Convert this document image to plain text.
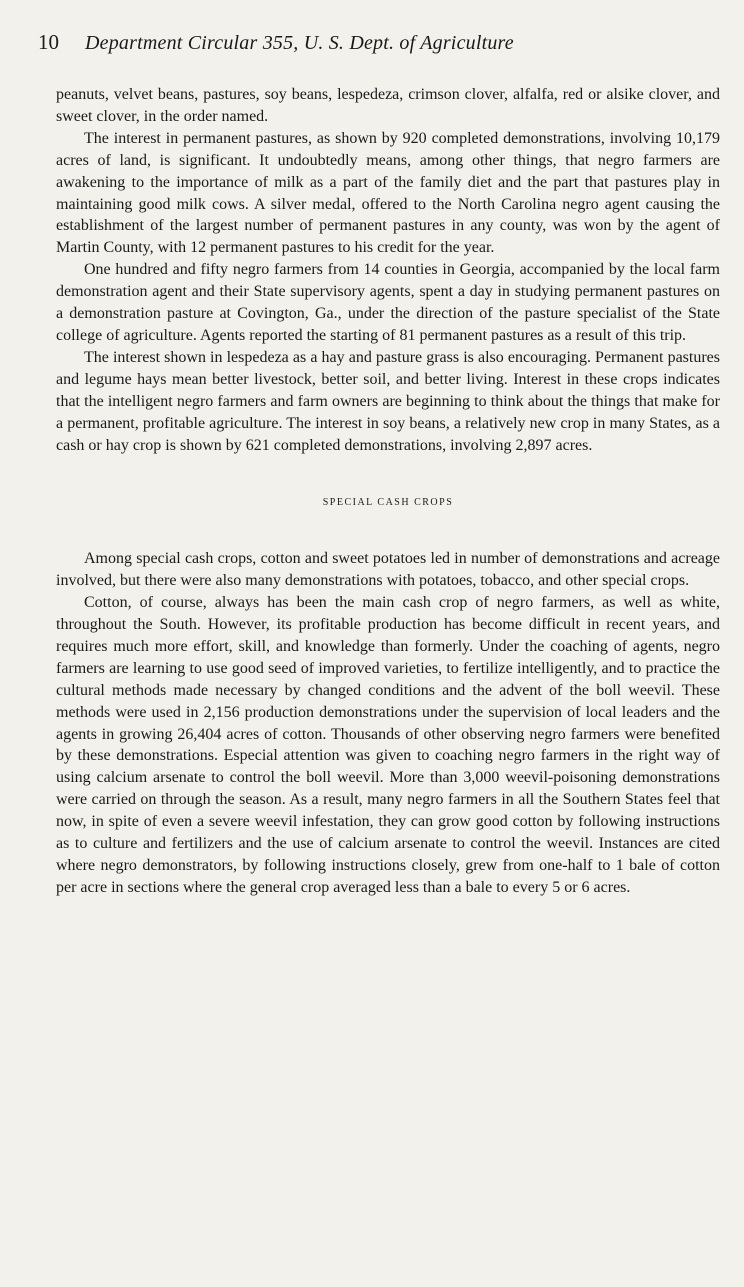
10 Department Circular 355, U. S. Dept. of Agriculture

peanuts, velvet beans, pastures, soy beans, lespedeza, crimson clover, alfalfa, red or alsike clover, and sweet clover, in the order named.

The interest in permanent pastures, as shown by 920 completed demonstrations, involving 10,179 acres of land, is significant. It undoubtedly means, among other things, that negro farmers are awakening to the importance of milk as a part of the family diet and the part that pastures play in maintaining good milk cows. A silver medal, offered to the North Carolina negro agent causing the establishment of the largest number of permanent pastures in any county, was won by the agent of Martin County, with 12 permanent pastures to his credit for the year.

One hundred and fifty negro farmers from 14 counties in Georgia, accompanied by the local farm demonstration agent and their State supervisory agents, spent a day in studying permanent pastures on a demonstration pasture at Covington, Ga., under the direction of the pasture specialist of the State college of agriculture. Agents reported the starting of 81 permanent pastures as a result of this trip.

The interest shown in lespedeza as a hay and pasture grass is also encouraging. Permanent pastures and legume hays mean better livestock, better soil, and better living. Interest in these crops indicates that the intelligent negro farmers and farm owners are beginning to think about the things that make for a permanent, profitable agriculture. The interest in soy beans, a relatively new crop in many States, as a cash or hay crop is shown by 621 completed demonstrations, involving 2,897 acres.

SPECIAL CASH CROPS

Among special cash crops, cotton and sweet potatoes led in number of demonstrations and acreage involved, but there were also many demonstrations with potatoes, tobacco, and other special crops.

Cotton, of course, always has been the main cash crop of negro farmers, as well as white, throughout the South. However, its profitable production has become difficult in recent years, and requires much more effort, skill, and knowledge than formerly. Under the coaching of agents, negro farmers are learning to use good seed of improved varieties, to fertilize intelligently, and to practice the cultural methods made necessary by changed conditions and the advent of the boll weevil. These methods were used in 2,156 production demonstrations under the supervision of local leaders and the agents in growing 26,404 acres of cotton. Thousands of other observing negro farmers were benefited by these demonstrations. Especial attention was given to coaching negro farmers in the right way of using calcium arsenate to control the boll weevil. More than 3,000 weevil-poisoning demonstrations were carried on through the season. As a result, many negro farmers in all the Southern States feel that now, in spite of even a severe weevil infestation, they can grow good cotton by following instructions as to culture and fertilizers and the use of calcium arsenate to control the weevil. Instances are cited where negro demonstrators, by following instructions closely, grew from one-half to 1 bale of cotton per acre in sections where the general crop averaged less than a bale to every 5 or 6 acres.
